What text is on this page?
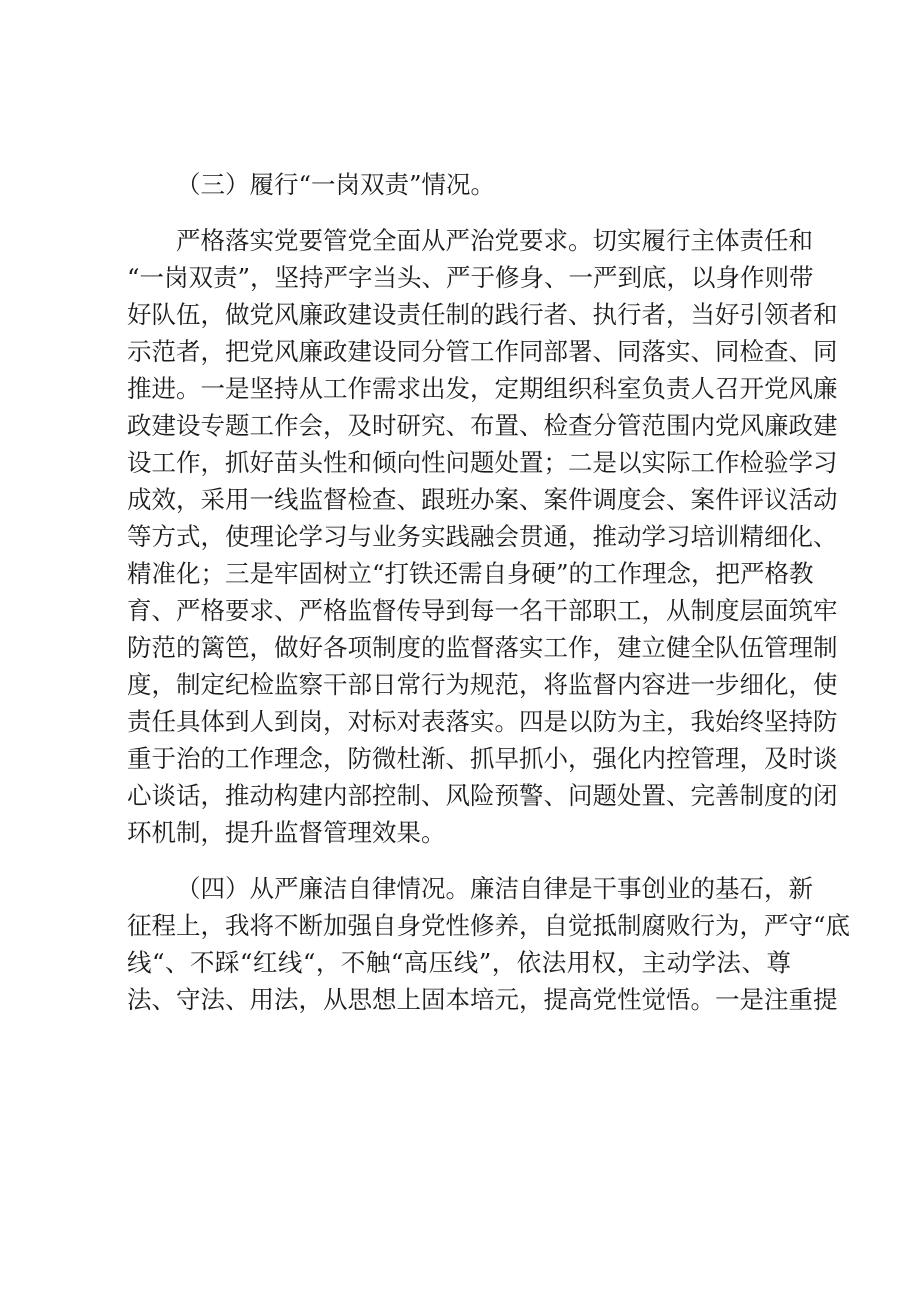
（三）履行“一岗双责”情况。

严格落实党要管党全面从严治党要求。切实履行主体责任和

“一岗双责”，坚持严字当头、严于修身、一严到底，以身作则带

好队伍，做党风廉政建设责任制的践行者、执行者，当好引领者和

示范者，把党风廉政建设同分管工作同部署、同落实、同检查、同

推进。一是坚持从工作需求出发，定期组织科室负责人召开党风廉

政建设专题工作会，及时研究、布置、检查分管范围内党风廉政建

设工作，抓好苗头性和倾向性问题处置；二是以实际工作检验学习

成效，采用一线监督检查、跟班办案、案件调度会、案件评议活动

等方式，使理论学习与业务实践融会贯通，推动学习培训精细化、

精准化；三是牢固树立“打铁还需自身硬”的工作理念，把严格教

育、严格要求、严格监督传导到每一名干部职工，从制度层面筑牢

防范的篱笆，做好各项制度的监督落实工作，建立健全队伍管理制

度，制定纪检监察干部日常行为规范，将监督内容进一步细化，使

责任具体到人到岗，对标对表落实。四是以防为主，我始终坚持防

重于治的工作理念，防微杜渐、抓早抓小，强化内控管理，及时谈

心谈话，推动构建内部控制、风险预警、问题处置、完善制度的闭

环机制，提升监督管理效果。

（四）从严廉洁自律情况。廉洁自律是干事创业的基石，新

征程上，我将不断加强自身党性修养，自觉抵制腐败行为，严守“底

线“、不踩“红线“，不触“高压线”，依法用权，主动学法、尊

法、守法、用法，从思想上固本培元，提高党性觉悟。一是注重提
